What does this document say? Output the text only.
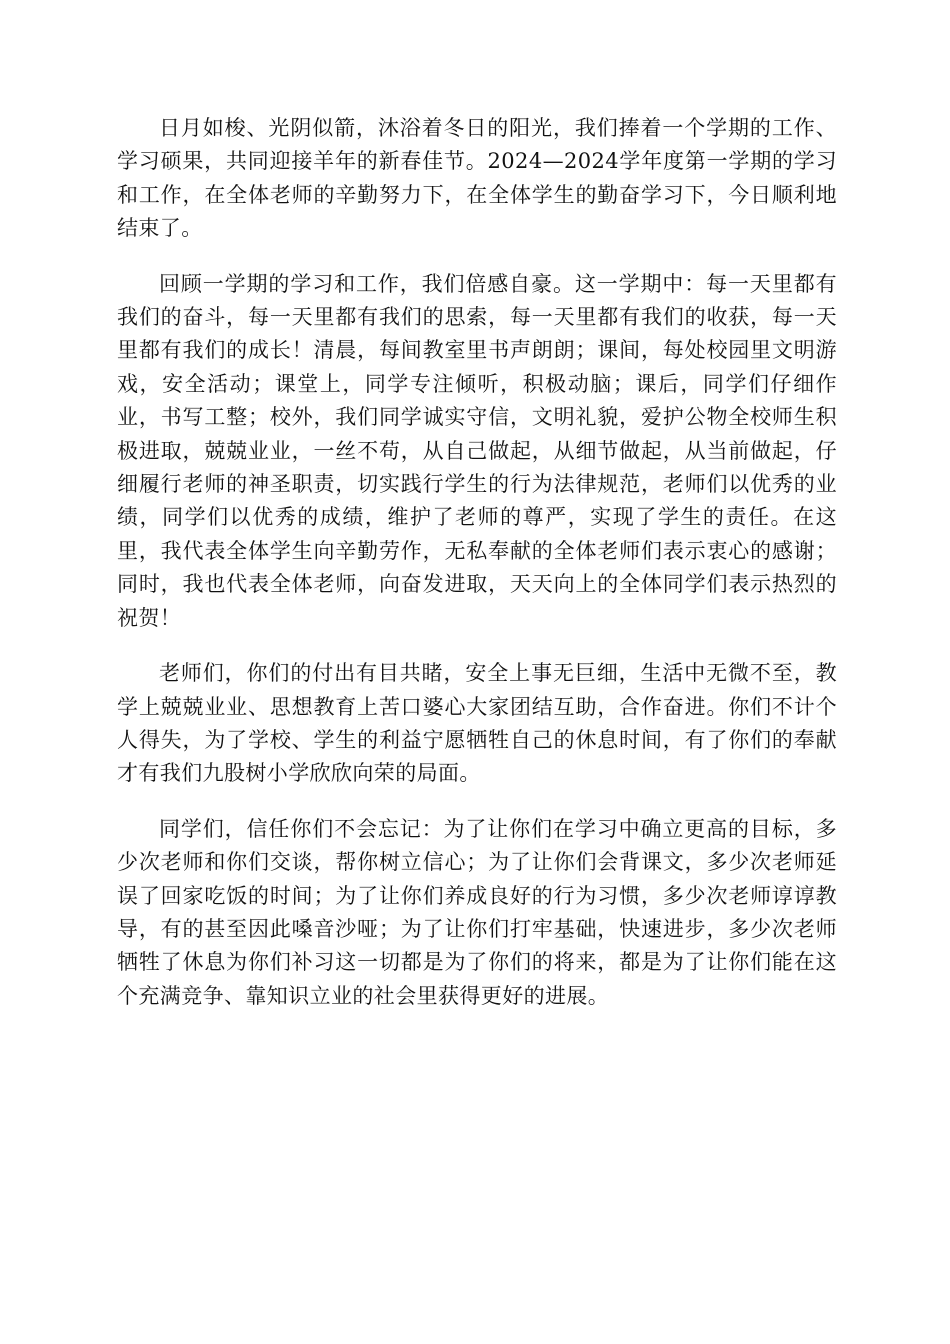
日月如梭、光阴似箭，沐浴着冬日的阳光，我们捧着一个学期的工作、学习硕果，共同迎接羊年的新春佳节。2024—2024学年度第一学期的学习和工作，在全体老师的辛勤努力下，在全体学生的勤奋学习下，今日顺利地结束了。

回顾一学期的学习和工作，我们倍感自豪。这一学期中：每一天里都有我们的奋斗，每一天里都有我们的思索，每一天里都有我们的收获，每一天里都有我们的成长！清晨，每间教室里书声朗朗；课间，每处校园里文明游戏，安全活动；课堂上，同学专注倾听，积极动脑；课后，同学们仔细作业，书写工整；校外，我们同学诚实守信，文明礼貌，爱护公物全校师生积极进取，兢兢业业，一丝不苟，从自己做起，从细节做起，从当前做起，仔细履行老师的神圣职责，切实践行学生的行为法律规范，老师们以优秀的业绩，同学们以优秀的成绩，维护了老师的尊严，实现了学生的责任。在这里，我代表全体学生向辛勤劳作，无私奉献的全体老师们表示衷心的感谢；同时，我也代表全体老师，向奋发进取，天天向上的全体同学们表示热烈的祝贺！

老师们，你们的付出有目共睹，安全上事无巨细，生活中无微不至，教学上兢兢业业、思想教育上苦口婆心大家团结互助，合作奋进。你们不计个人得失，为了学校、学生的利益宁愿牺牲自己的休息时间，有了你们的奉献才有我们九股树小学欣欣向荣的局面。

同学们，信任你们不会忘记：为了让你们在学习中确立更高的目标，多少次老师和你们交谈，帮你树立信心；为了让你们会背课文，多少次老师延误了回家吃饭的时间；为了让你们养成良好的行为习惯，多少次老师谆谆教导，有的甚至因此嗓音沙哑；为了让你们打牢基础，快速进步，多少次老师牺牲了休息为你们补习这一切都是为了你们的将来，都是为了让你们能在这个充满竞争、靠知识立业的社会里获得更好的进展。
